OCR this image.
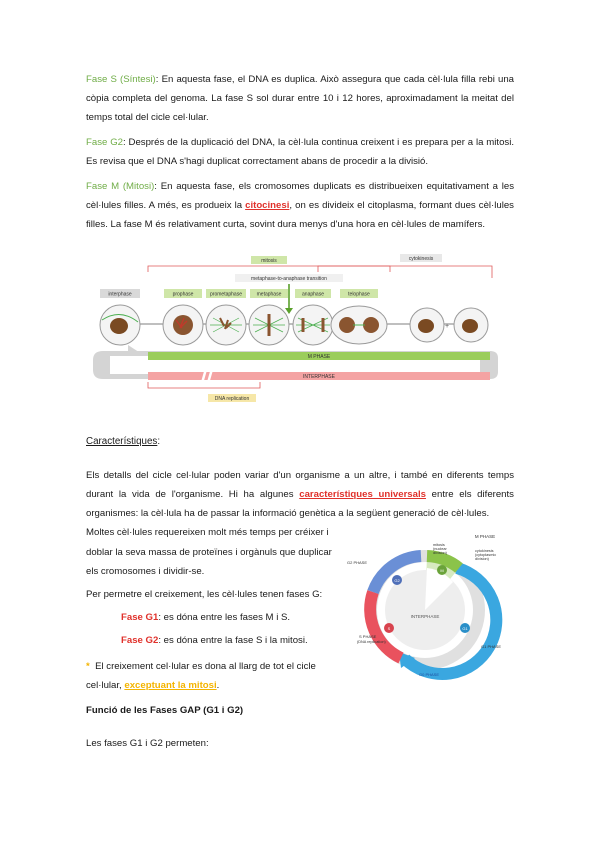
Fase S (Síntesi): En aquesta fase, el DNA es duplica. Això assegura que cada cèl·lula filla rebi una còpia completa del genoma. La fase S sol durar entre 10 i 12 hores, aproximadament la meitat del temps total del cicle cel·lular.

Fase G2: Després de la duplicació del DNA, la cèl·lula continua creixent i es prepara per a la mitosi. Es revisa que el DNA s'hagi duplicat correctament abans de procedir a la divisió.

Fase M (Mitosi): En aquesta fase, els cromosomes duplicats es distribueixen equitativament a les cèl·lules filles. A més, es produeix la citocinesi, on es divideix el citoplasma, formant dues cèl·lules filles. La fase M és relativament curta, sovint dura menys d'una hora en cèl·lules de mamífers.

mitosis	cytokinesis
metaphase-to-anaphase transition
interphase	prophase	prometaphase	metaphase	anaphase	telophase
+
M PHASE
INTERPHASE
DNA replication

Característiques:

Els detalls del cicle cel·lular poden variar d'un organisme a un altre, i també en diferents temps durant la vida de l'organisme. Hi ha algunes característiques universals entre els diferents organismes: la cèl·lula ha de passar la informació genètica a la següent generació de cèl·lules.

Moltes cèl·lules requereixen molt més temps per créixer i

doblar la seva massa de proteïnes i orgànuls que duplicar

els cromosomes i dividir-se.

Per permetre el creixement, les cèl·lules tenen fases G:

Fase G1: es dóna entre les fases M i S.

Fase G2: es dóna entre la fase S i la mitosi.

* El creixement cel·lular es dona al llarg de tot el cicle

cel·lular, exceptuant la mitosi.

M PHASE
INTERPHASE
G2
M
G1
S
G2 PHASE
mitosis
(nuclear
division)	cytokinesis
(cytoplasmic
division)
S PHASE
(DNA replication)
G1 PHASE
G0 PHASE

Funció de les Fases GAP (G1 i G2)

Les fases G1 i G2 permeten:
